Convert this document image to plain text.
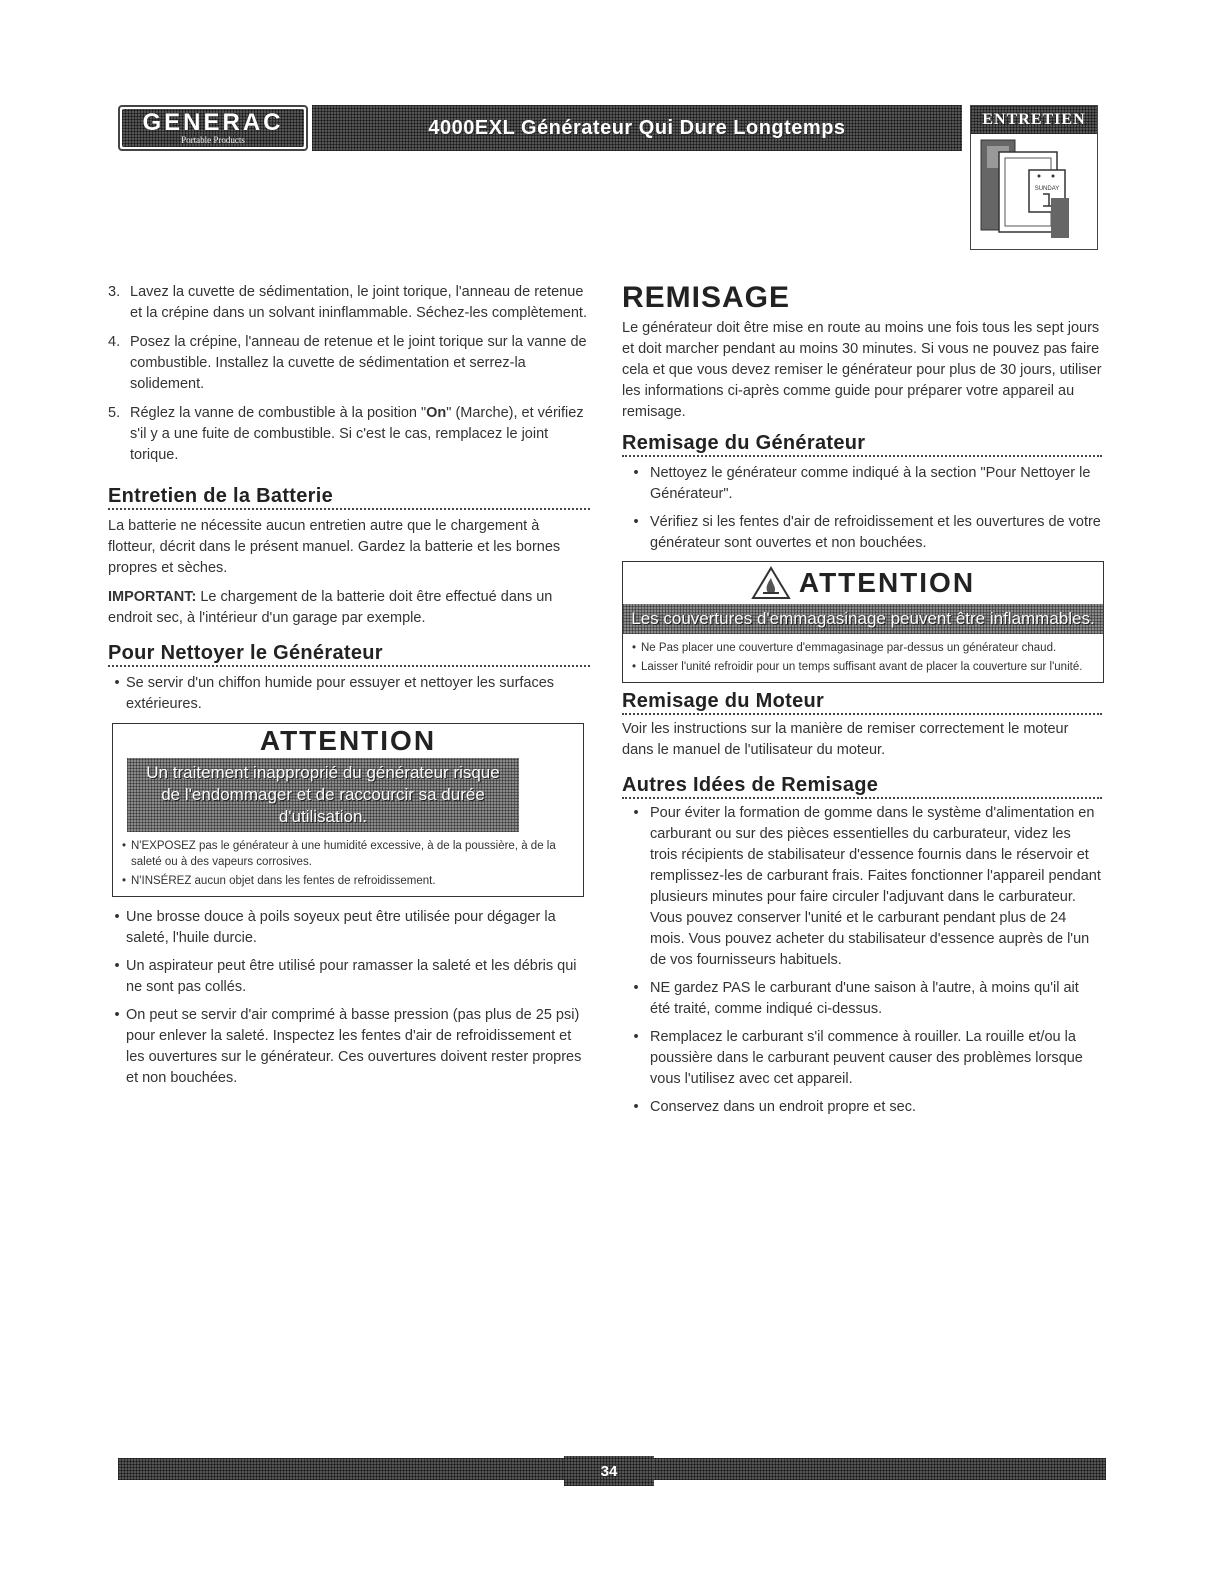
GENERAC
Portable Products
4000EXL Générateur Qui Dure Longtemps	ENTRETIEN
SUNDAY
3. Lavez la cuvette de sédimentation, le joint torique, l'anneau de retenue et la crépine dans un solvant ininflammable. Séchez-les complètement.
4. Posez la crépine, l'anneau de retenue et le joint torique sur la vanne de combustible. Installez la cuvette de sédimentation et serrez-la solidement.
5. Réglez la vanne de combustible à la position "On" (Marche), et vérifiez s'il y a une fuite de combustible. Si c'est le cas, remplacez le joint torique.
Entretien de la Batterie

La batterie ne nécessite aucun entretien autre que le chargement à flotteur, décrit dans le présent manuel. Gardez la batterie et les bornes propres et sèches.

IMPORTANT: Le chargement de la batterie doit être effectué dans un endroit sec, à l'intérieur d'un garage par exemple.

Pour Nettoyer le Générateur
• Se servir d'un chiffon humide pour essuyer et nettoyer les surfaces extérieures.
ATTENTION
Un traitement inapproprié du générateur risque de l'endommager et de raccourcir sa durée d'utilisation.
• N'EXPOSEZ pas le générateur à une humidité excessive, à de la poussière, à de la saleté ou à des vapeurs corrosives.
• N'INSÉREZ aucun objet dans les fentes de refroidissement.
• Une brosse douce à poils soyeux peut être utilisée pour dégager la saleté, l'huile durcie.
• Un aspirateur peut être utilisé pour ramasser la saleté et les débris qui ne sont pas collés.
• On peut se servir d'air comprimé à basse pression (pas plus de 25 psi) pour enlever la saleté. Inspectez les fentes d'air de refroidissement et les ouvertures sur le générateur. Ces ouvertures doivent rester propres et non bouchées.
REMISAGE

Le générateur doit être mise en route au moins une fois tous les sept jours et doit marcher pendant au moins 30 minutes. Si vous ne pouvez pas faire cela et que vous devez remiser le générateur pour plus de 30 jours, utiliser les informations ci-après comme guide pour préparer votre appareil au remisage.

Remisage du Générateur
• Nettoyez le générateur comme indiqué à la section "Pour Nettoyer le Générateur".
• Vérifiez si les fentes d'air de refroidissement et les ouvertures de votre générateur sont ouvertes et non bouchées.
ATTENTION
Les couvertures d'emmagasinage peuvent être inflammables.
• Ne Pas placer une couverture d'emmagasinage par-dessus un générateur chaud.
• Laisser l'unité refroidir pour un temps suffisant avant de placer la couverture sur l'unité.
Remisage du Moteur

Voir les instructions sur la manière de remiser correctement le moteur dans le manuel de l'utilisateur du moteur.

Autres Idées de Remisage
• Pour éviter la formation de gomme dans le système d'alimentation en carburant ou sur des pièces essentielles du carburateur, videz les trois récipients de stabilisateur d'essence fournis dans le réservoir et remplissez-les de carburant frais. Faites fonctionner l'appareil pendant plusieurs minutes pour faire circuler l'adjuvant dans le carburateur. Vous pouvez conserver l'unité et le carburant pendant plus de 24 mois. Vous pouvez acheter du stabilisateur d'essence auprès de l'un de vos fournisseurs habituels.
• NE gardez PAS le carburant d'une saison à l'autre, à moins qu'il ait été traité, comme indiqué ci-dessus.
• Remplacez le carburant s'il commence à rouiller. La rouille et/ou la poussière dans le carburant peuvent causer des problèmes lorsque vous l'utilisez avec cet appareil.
• Conservez dans un endroit propre et sec.
34
